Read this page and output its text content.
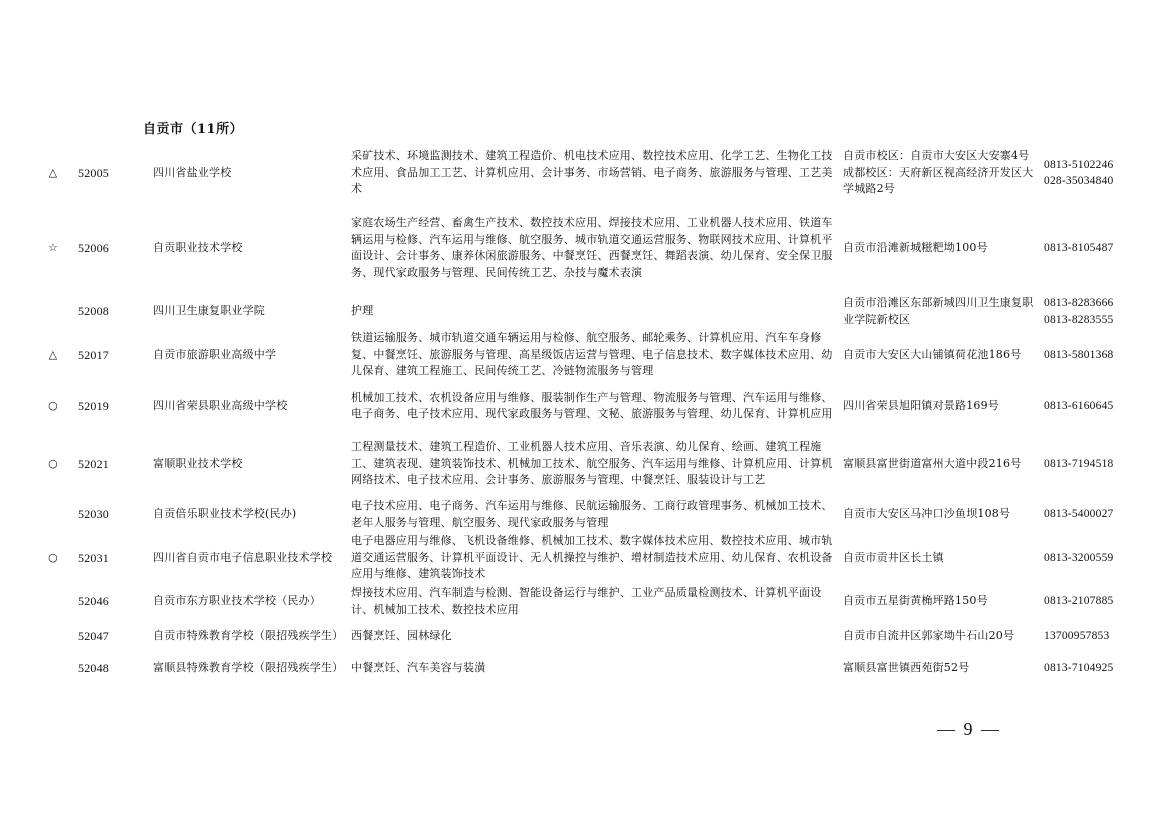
自贡市（11所）
△	52005	四川省盐业学校	采矿技术、环境监测技术、建筑工程造价、机电技术应用、数控技术应用、化学工艺、生物化工技术应用、食品加工工艺、计算机应用、会计事务、市场营销、电子商务、旅游服务与管理、工艺美术	自贡市校区：自贡市大安区大安寨4号 成都校区：天府新区视高经济开发区大学城路2号	0813-5102246
028-35034840

☆	52006	自贡职业技术学校	家庭农场生产经营、畜禽生产技术、数控技术应用、焊接技术应用、工业机器人技术应用、铁道车辆运用与检修、汽车运用与维修、航空服务、城市轨道交通运营服务、物联网技术应用、计算机平面设计、会计事务、康养休闲旅游服务、中餐烹饪、西餐烹饪、舞蹈表演、幼儿保育、安全保卫服务、现代家政服务与管理、民间传统工艺、杂技与魔术表演	自贡市沿滩新城糍粑坳100号	0813-8105487

	52008	四川卫生康复职业学院	护理	自贡市沿滩区东部新城四川卫生康复职业学院新校区	0813-8283666
0813-8283555

△	52017	自贡市旅游职业高级中学	铁道运输服务、城市轨道交通车辆运用与检修、航空服务、邮轮乘务、计算机应用、汽车车身修复、中餐烹饪、旅游服务与管理、高星级饭店运营与管理、电子信息技术、数字媒体技术应用、幼儿保育、建筑工程施工、民间传统工艺、冷链物流服务与管理	自贡市大安区大山铺镇荷花池186号	0813-5801368

○	52019	四川省荣县职业高级中学校	机械加工技术、农机设备应用与维修、服装制作生产与管理、物流服务与管理、汽车运用与维修、电子商务、电子技术应用、现代家政服务与管理、文秘、旅游服务与管理、幼儿保育、计算机应用	四川省荣县旭阳镇对景路169号	0813-6160645

○	52021	富顺职业技术学校	工程测量技术、建筑工程造价、工业机器人技术应用、音乐表演、幼儿保育、绘画、建筑工程施工、建筑表现、建筑装饰技术、机械加工技术、航空服务、汽车运用与维修、计算机应用、计算机网络技术、电子技术应用、会计事务、旅游服务与管理、中餐烹饪、服装设计与工艺	富顺县富世街道富州大道中段216号	0813-7194518

	52030	自贡倍乐职业技术学校(民办)	电子技术应用、电子商务、汽车运用与维修、民航运输服务、工商行政管理事务、机械加工技术、老年人服务与管理、航空服务、现代家政服务与管理	自贡市大安区马冲口沙鱼坝108号	0813-5400027

○	52031	四川省自贡市电子信息职业技术学校	电子电器应用与维修、飞机设备维修、机械加工技术、数字媒体技术应用、数控技术应用、城市轨道交通运营服务、计算机平面设计、无人机操控与维护、增材制造技术应用、幼儿保育、农机设备应用与维修、建筑装饰技术	自贡市贡井区长土镇	0813-3200559

	52046	自贡市东方职业技术学校（民办）	焊接技术应用、汽车制造与检测、智能设备运行与维护、工业产品质量检测技术、计算机平面设计、机械加工技术、数控技术应用	自贡市五星街黄桷坪路150号	0813-2107885

	52047	自贡市特殊教育学校（限招残疾学生）	西餐烹饪、园林绿化	自贡市自流井区郭家坳牛石山20号	13700957853

	52048	富顺县特殊教育学校（限招残疾学生）	中餐烹饪、汽车美容与装潢	富顺县富世镇西苑街52号	0813-7104925
— 9 —
